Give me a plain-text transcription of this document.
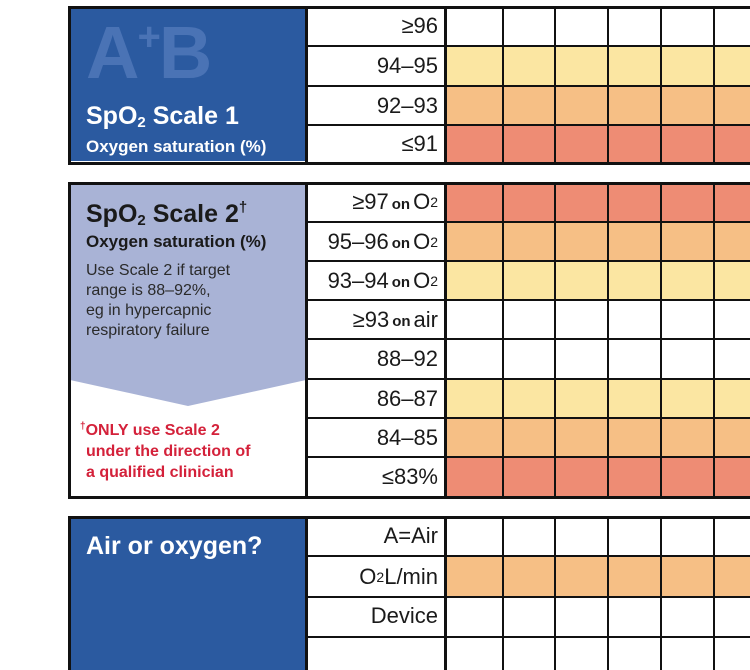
A+B
SpO$_2$ Scale 1
Oxygen saturation (%)
SpO$_2$ Scale 2†
Oxygen saturation (%)
Use Scale 2 if target
range is 88–92%,
eg in hypercapnic
respiratory failure
†ONLY use Scale 2
under the direction of
a qualified clinician
Air or oxygen?
≥96
94–95
92–93
≤91
≥97 on O 2
95–96 on O 2
93–94 on O 2
≥93 on air
88–92
86–87
84–85
≤83%
A=Air
O 2 L/min
Device
